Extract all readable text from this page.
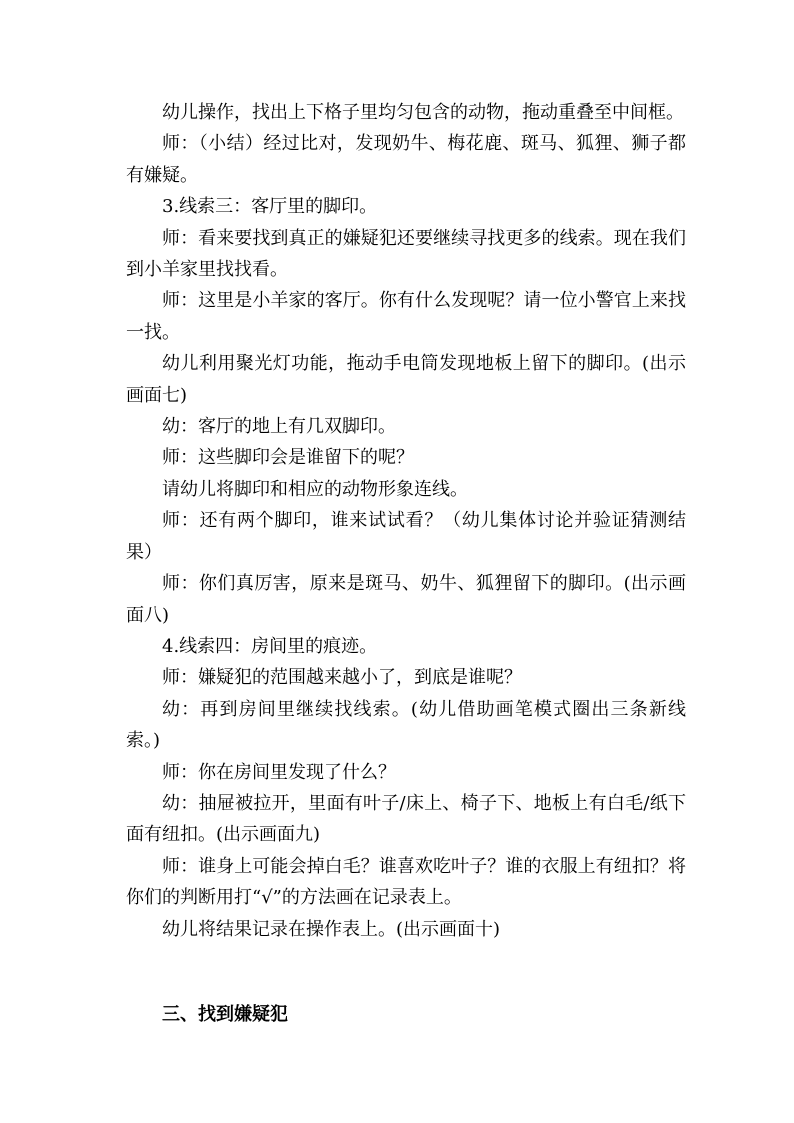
幼儿操作，找出上下格子里均匀包含的动物，拖动重叠至中间框。

师：（小结）经过比对，发现奶牛、梅花鹿、斑马、狐狸、狮子都有嫌疑。

3.线索三：客厅里的脚印。

师：看来要找到真正的嫌疑犯还要继续寻找更多的线索。现在我们到小羊家里找找看。

师：这里是小羊家的客厅。你有什么发现呢？请一位小警官上来找一找。

幼儿利用聚光灯功能，拖动手电筒发现地板上留下的脚印。(出示画面七)

幼：客厅的地上有几双脚印。

师：这些脚印会是谁留下的呢？

请幼儿将脚印和相应的动物形象连线。

师：还有两个脚印，谁来试试看？（幼儿集体讨论并验证猜测结果）

师：你们真厉害，原来是斑马、奶牛、狐狸留下的脚印。(出示画面八)

4.线索四：房间里的痕迹。

师：嫌疑犯的范围越来越小了，到底是谁呢？

幼：再到房间里继续找线索。(幼儿借助画笔模式圈出三条新线索。)

师：你在房间里发现了什么？

幼：抽屉被拉开，里面有叶子/床上、椅子下、地板上有白毛/纸下面有纽扣。(出示画面九)

师：谁身上可能会掉白毛？谁喜欢吃叶子？谁的衣服上有纽扣？将你们的判断用打“√”的方法画在记录表上。

幼儿将结果记录在操作表上。(出示画面十)

三、找到嫌疑犯
